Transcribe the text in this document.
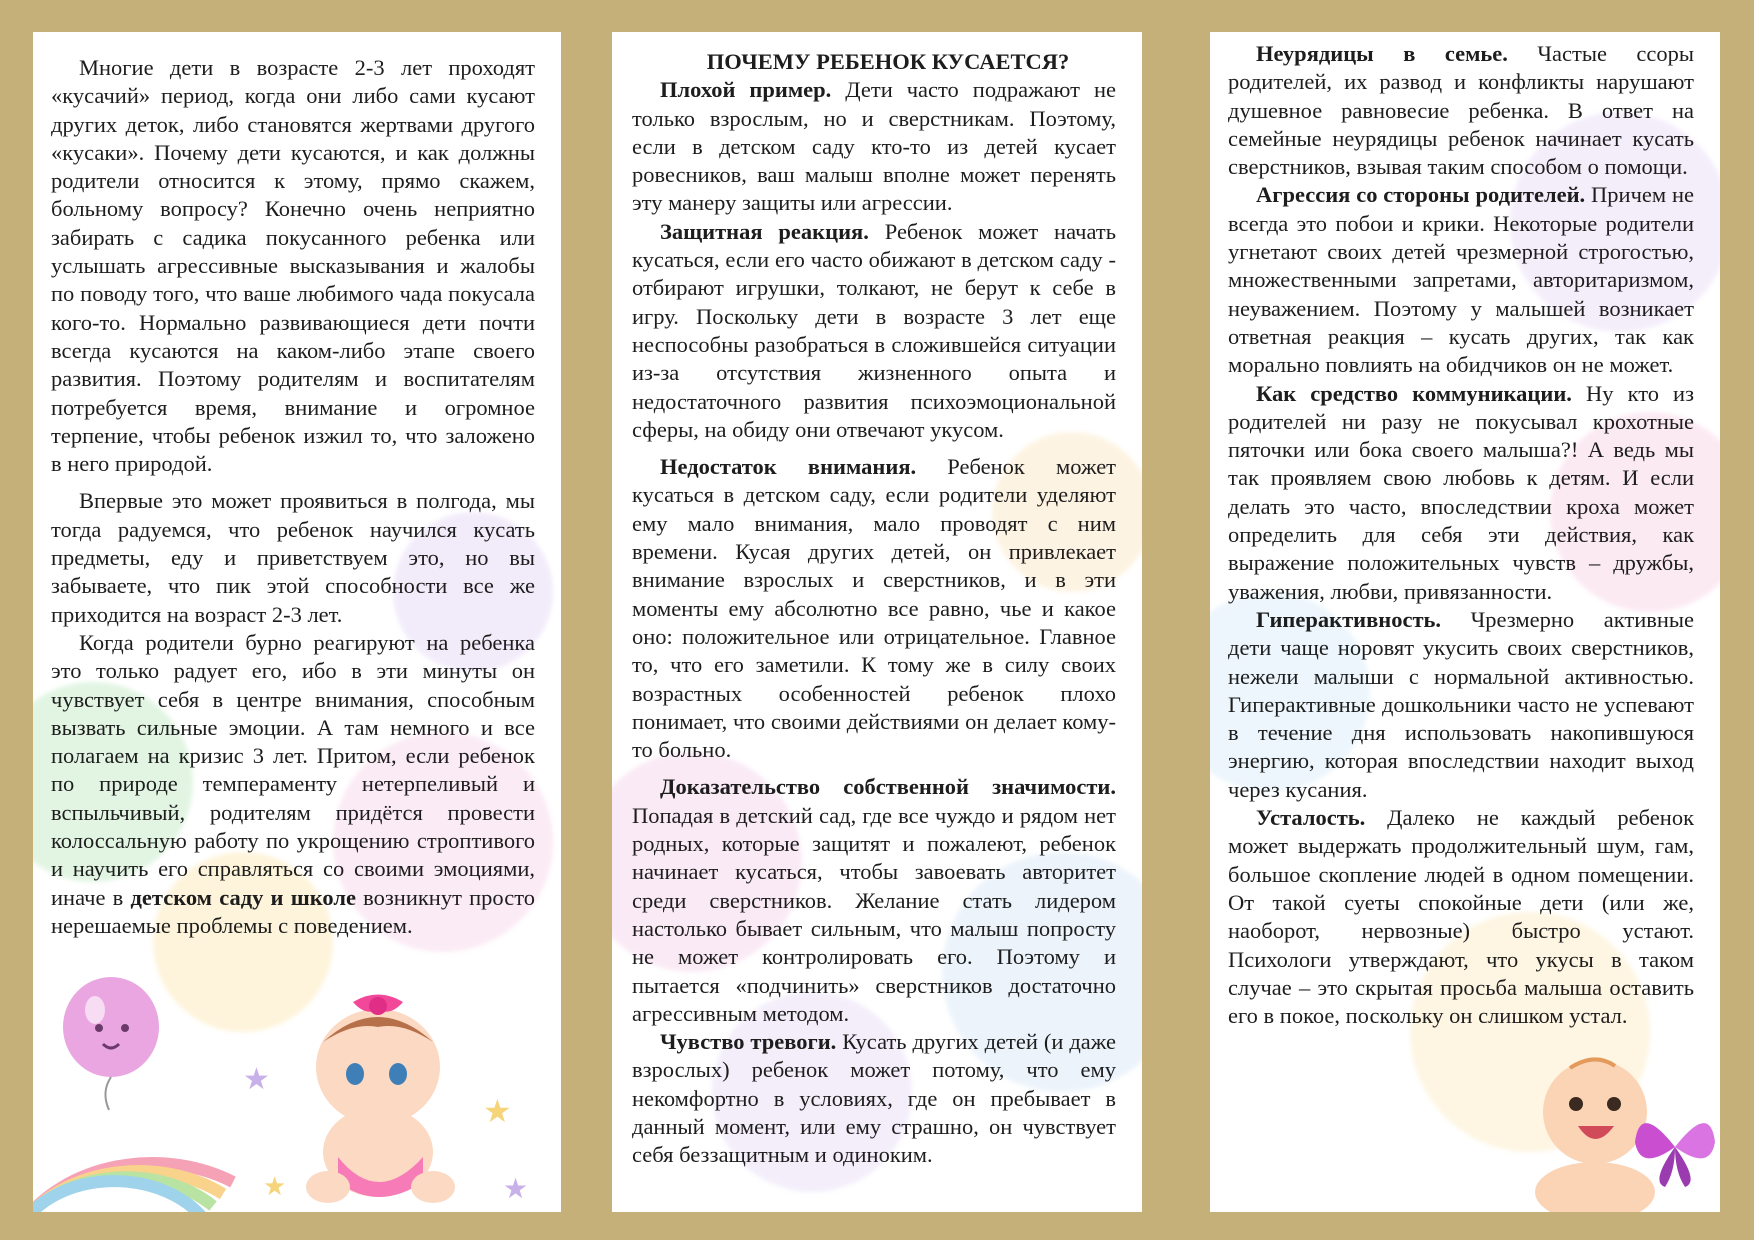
Многие дети в возрасте 2-3 лет проходят «кусачий» период, когда они либо сами кусают других деток, либо становятся жертвами другого «кусаки». Почему дети кусаются, и как должны родители относится к этому, прямо скажем, больному вопросу? Конечно очень неприятно забирать с садика покусанного ребенка или услышать агрессивные высказывания и жалобы по поводу того, что ваше любимого чада покусала кого-то. Нормально развивающиеся дети почти всегда кусаются на каком-либо этапе своего развития. Поэтому родителям и воспитателям потребуется время, внимание и огромное терпение, чтобы ребенок изжил то, что заложено в него природой.

Впервые это может проявиться в полгода, мы тогда радуемся, что ребенок научился кусать предметы, еду и приветствуем это, но вы забываете, что пик этой способности все же приходится на возраст 2-3 лет.

Когда родители бурно реагируют на ребенка это только радует его, ибо в эти минуты он чувствует себя в центре внимания, способным вызвать сильные эмоции. А там немного и все полагаем на кризис 3 лет. Притом, если ребенок по природе темпераменту нетерпеливый и вспыльчивый, родителям придётся провести колоссальную работу по укрощению строптивого и научить его справляться со своими эмоциями, иначе в детском саду и школе возникнут просто нерешаемые проблемы с поведением.

★
★
★
★

ПОЧЕМУ РЕБЕНОК КУСАЕТСЯ?

Плохой пример. Дети часто подражают не только взрослым, но и сверстникам. Поэтому, если в детском саду кто-то из детей кусает ровесников, ваш малыш вполне может перенять эту манеру защиты или агрессии.

Защитная реакция. Ребенок может начать кусаться, если его часто обижают в детском саду - отбирают игрушки, толкают, не берут к себе в игру. Поскольку дети в возрасте 3 лет еще неспособны разобраться в сложившейся ситуации из-за отсутствия жизненного опыта и недостаточного развития психоэмоциональной сферы, на обиду они отвечают укусом.

Недостаток внимания. Ребенок может кусаться в детском саду, если родители уделяют ему мало внимания, мало проводят с ним времени. Кусая других детей, он привлекает внимание взрослых и сверстников, и в эти моменты ему абсолютно все равно, чье и какое оно: положительное или отрицательное. Главное то, что его заметили. К тому же в силу своих возрастных особенностей ребенок плохо понимает, что своими действиями он делает кому-то больно.

Доказательство собственной значимости. Попадая в детский сад, где все чуждо и рядом нет родных, которые защитят и пожалеют, ребенок начинает кусаться, чтобы завоевать авторитет среди сверстников. Желание стать лидером настолько бывает сильным, что малыш попросту не может контролировать его. Поэтому и пытается «подчинить» сверстников достаточно агрессивным методом.

Чувство тревоги. Кусать других детей (и даже взрослых) ребенок может потому, что ему некомфортно в условиях, где он пребывает в данный момент, или ему страшно, он чувствует себя беззащитным и одиноким.

Неурядицы в семье. Частые ссоры родителей, их развод и конфликты нарушают душевное равновесие ребенка. В ответ на семейные неурядицы ребенок начинает кусать сверстников, взывая таким способом о помощи.

Агрессия со стороны родителей. Причем не всегда это побои и крики. Некоторые родители угнетают своих детей чрезмерной строгостью, множественными запретами, авторитаризмом, неуважением. Поэтому у малышей возникает ответная реакция – кусать других, так как морально повлиять на обидчиков он не может.

Как средство коммуникации. Ну кто из родителей ни разу не покусывал крохотные пяточки или бока своего малыша?! А ведь мы так проявляем свою любовь к детям. И если делать это часто, впоследствии кроха может определить для себя эти действия, как выражение положительных чувств – дружбы, уважения, любви, привязанности.

Гиперактивность. Чрезмерно активные дети чаще норовят укусить своих сверстников, нежели малыши с нормальной активностью. Гиперактивные дошкольники часто не успевают в течение дня использовать накопившуюся энергию, которая впоследствии находит выход через кусания.

Усталость. Далеко не каждый ребенок может выдержать продолжительный шум, гам, большое скопление людей в одном помещении. От такой суеты спокойные дети (или же, наоборот, нервозные) быстро устают. Психологи утверждают, что укусы в таком случае – это скрытая просьба малыша оставить его в покое, поскольку он слишком устал.
